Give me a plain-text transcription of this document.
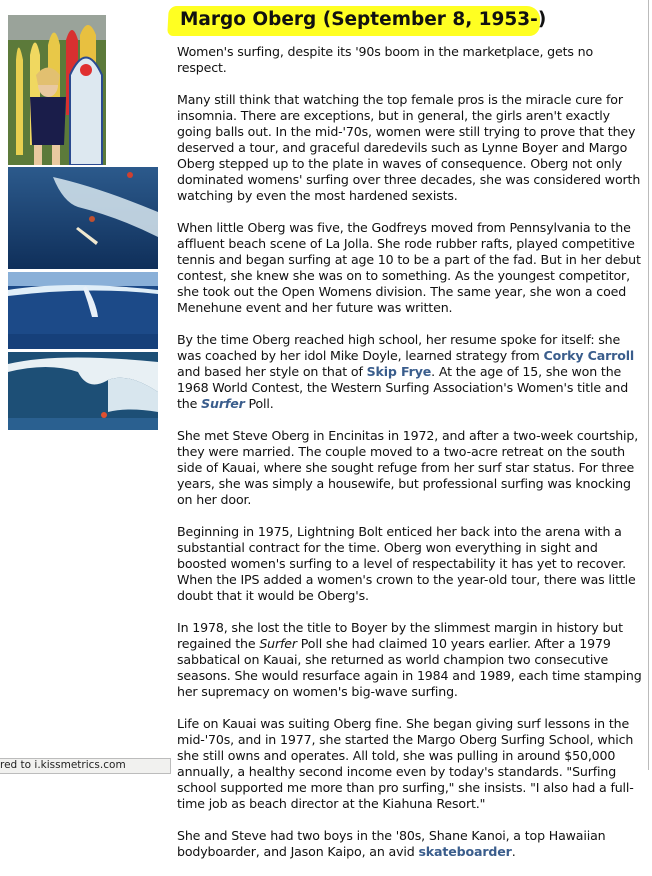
Margo Oberg (September 8, 1953-)

Women's surfing, despite its '90s boom in the marketplace, gets no respect.

Many still think that watching the top female pros is the miracle cure for insomnia. There are exceptions, but in general, the girls aren't exactly going balls out. In the mid-'70s, women were still trying to prove that they deserved a tour, and graceful daredevils such as Lynne Boyer and Margo Oberg stepped up to the plate in waves of consequence. Oberg not only dominated womens' surfing over three decades, she was considered worth watching by even the most hardened sexists.

When little Oberg was five, the Godfreys moved from Pennsylvania to the affluent beach scene of La Jolla. She rode rubber rafts, played competitive tennis and began surfing at age 10 to be a part of the fad. But in her debut contest, she knew she was on to something. As the youngest competitor, she took out the Open Womens division. The same year, she won a coed Menehune event and her future was written.

By the time Oberg reached high school, her resume spoke for itself: she was coached by her idol Mike Doyle, learned strategy from Corky Carroll and based her style on that of Skip Frye. At the age of 15, she won the 1968 World Contest, the Western Surfing Association's Women's title and the Surfer Poll.

She met Steve Oberg in Encinitas in 1972, and after a two-week courtship, they were married. The couple moved to a two-acre retreat on the south side of Kauai, where she sought refuge from her surf star status. For three years, she was simply a housewife, but professional surfing was knocking on her door.

Beginning in 1975, Lightning Bolt enticed her back into the arena with a substantial contract for the time. Oberg won everything in sight and boosted women's surfing to a level of respectability it has yet to recover. When the IPS added a women's crown to the year-old tour, there was little doubt that it would be Oberg's.

In 1978, she lost the title to Boyer by the slimmest margin in history but regained the Surfer Poll she had claimed 10 years earlier. After a 1979 sabbatical on Kauai, she returned as world champion two consecutive seasons. She would resurface again in 1984 and 1989, each time stamping her supremacy on women's big-wave surfing.

Life on Kauai was suiting Oberg fine. She began giving surf lessons in the mid-'70s, and in 1977, she started the Margo Oberg Surfing School, which she still owns and operates. All told, she was pulling in around $50,000 annually, a healthy second income even by today's standards. "Surfing school supported me more than pro surfing," she insists. "I also had a full-time job as beach director at the Kiahuna Resort."

She and Steve had two boys in the '80s, Shane Kanoi, a top Hawaiian bodyboarder, and Jason Kaipo, an avid skateboarder.

red to i.kissmetrics.com
